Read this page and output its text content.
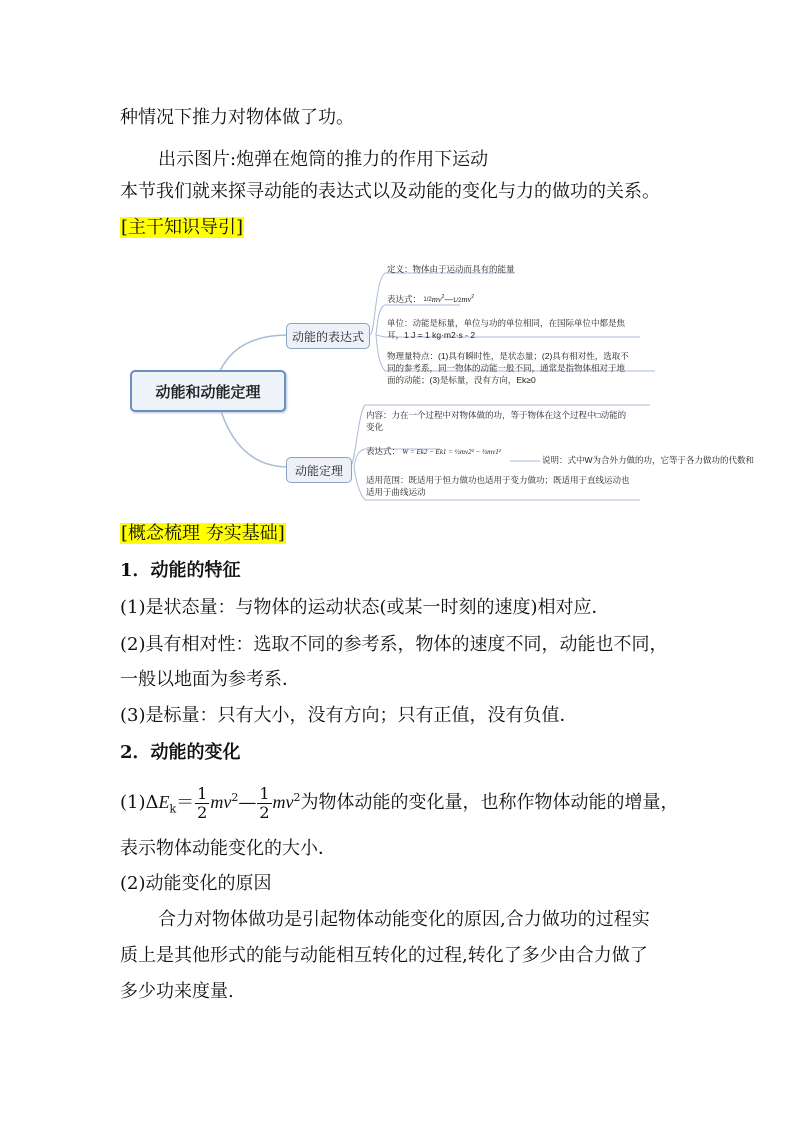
种情况下推力对物体做了功。
出示图片:炮弹在炮筒的推力的作用下运动
本节我们就来探寻动能的表达式以及动能的变化与力的做功的关系。
[主干知识导引]
动能和动能定理
动能的表达式
动能定理
定义：物体由于运动而具有的能量
表达式： $1/2mv^2—1/2mv^2$
单位：动能是标量，单位与功的单位相同，在国际单位中都是焦耳，1 J = 1 kg·m2·s - 2
物理量特点：(1)具有瞬时性，是状态量；(2)具有相对性，选取不同的参考系，同一物体的动能一般不同，通常是指物体相对于地面的动能；(3)是标量，没有方向，Ek≥0
内容：力在一个过程中对物体做的功，等于物体在这个过程中□动能的变化
表达式： W = Ek2 − Ek1 = ½mv2² − ½mv1²
说明：式中W为合外力做的功，它等于各力做功的代数和
适用范围：既适用于恒力做功也适用于变力做功；既适用于直线运动也适用于曲线运动
[概念梳理 夯实基础]
1．动能的特征
(1)是状态量：与物体的运动状态(或某一时刻的速度)相对应．
(2)具有相对性：选取不同的参考系，物体的速度不同，动能也不同，
一般以地面为参考系．
(3)是标量：只有大小，没有方向；只有正值，没有负值．
2．动能的变化
$(1)\Delta E_k= \frac{1}{2}$ $mv^2— \frac{1}{2} mv^2$为物体动能的变化量，也称作物体动能的增量，
表示物体动能变化的大小．
(2)动能变化的原因
合力对物体做功是引起物体动能变化的原因,合力做功的过程实
质上是其他形式的能与动能相互转化的过程,转化了多少由合力做了
多少功来度量.
